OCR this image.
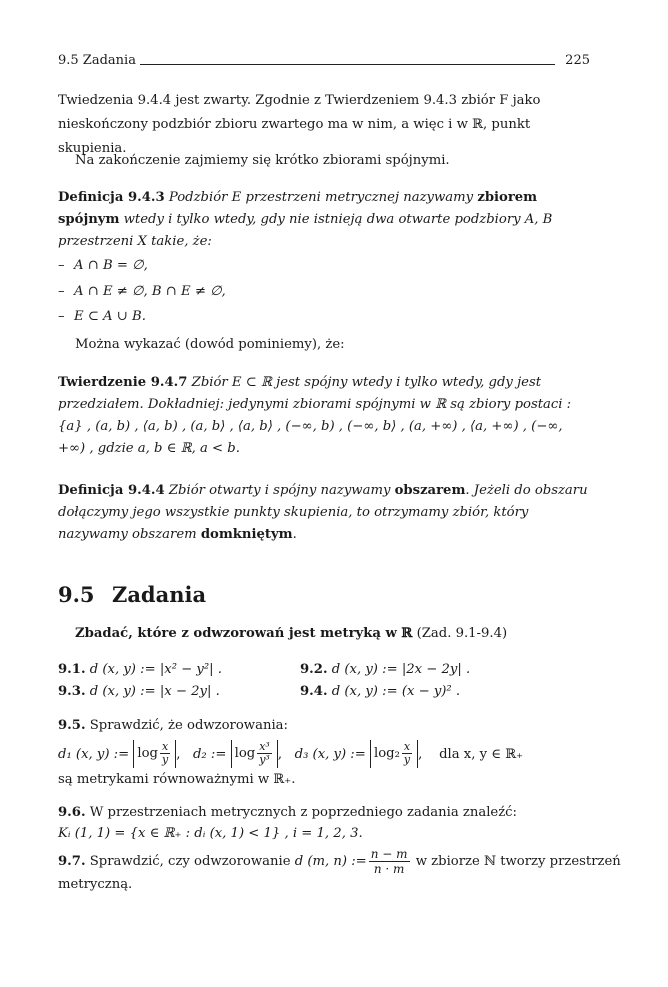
9.5 Zadania	225
Twiedzenia 9.4.4 jest zwarty. Zgodnie z Twierdzeniem 9.4.3 zbiór F jako nieskończony podzbiór zbioru zwartego ma w nim, a więc i w ℝ, punkt skupienia.
Na zakończenie zajmiemy się krótko zbiorami spójnymi.
Definicja 9.4.3 Podzbiór E przestrzeni metrycznej nazywamy zbiorem spójnym wtedy i tylko wtedy, gdy nie istnieją dwa otwarte podzbiory A, B przestrzeni X takie, że:
– A ∩ B = ∅,
– A ∩ E ≠ ∅, B ∩ E ≠ ∅,
– E ⊂ A ∪ B.
Można wykazać (dowód pominiemy), że:
Twierdzenie 9.4.7 Zbiór E ⊂ ℝ jest spójny wtedy i tylko wtedy, gdy jest przedziałem. Dokładniej: jedynymi zbiorami spójnymi w ℝ są zbiory postaci : {a} , (a, b) , ⟨a, b) , (a, b⟩ , ⟨a, b⟩ , (−∞, b) , (−∞, b⟩ , (a, +∞) , ⟨a, +∞) , (−∞, +∞) , gdzie a, b ∈ ℝ, a < b.
Definicja 9.4.4 Zbiór otwarty i spójny nazywamy obszarem. Jeżeli do obszaru dołączymy jego wszystkie punkty skupienia, to otrzymamy zbiór, który nazywamy obszarem domkniętym.
9.5 Zadania
Zbadać, które z odwzorowań jest metryką w ℝ (Zad. 9.1-9.4)
9.1. d (x, y) := |x² − y²| .	9.2. d (x, y) := |2x − 2y| .
9.3. d (x, y) := |x − 2y| .	9.4. d (x, y) := (x − y)² .
9.5. Sprawdzić, że odwzorowania:
d₁ (x, y) :=
$\log \frac{x}{y}$ , d₂ :=
$\log \frac{\text{x³}}{\text{y³}}$ , d₃ (x, y) :=
$\log_2 \frac{x}{y}$ , dla x, y ∈ ℝ₊
są metrykami równoważnymi w ℝ₊.
9.6. W przestrzeniach metrycznych z poprzedniego zadania znaleźć:
Kᵢ (1, 1) = {x ∈ ℝ₊ : dᵢ (x, 1) < 1} , i = 1, 2, 3.
9.7.
Sprawdzić, czy odwzorowanie
d (m, n) := $\frac{n - m}{n \cdot m}$
w zbiorze ℕ tworzy przestrzeń
metryczną.
